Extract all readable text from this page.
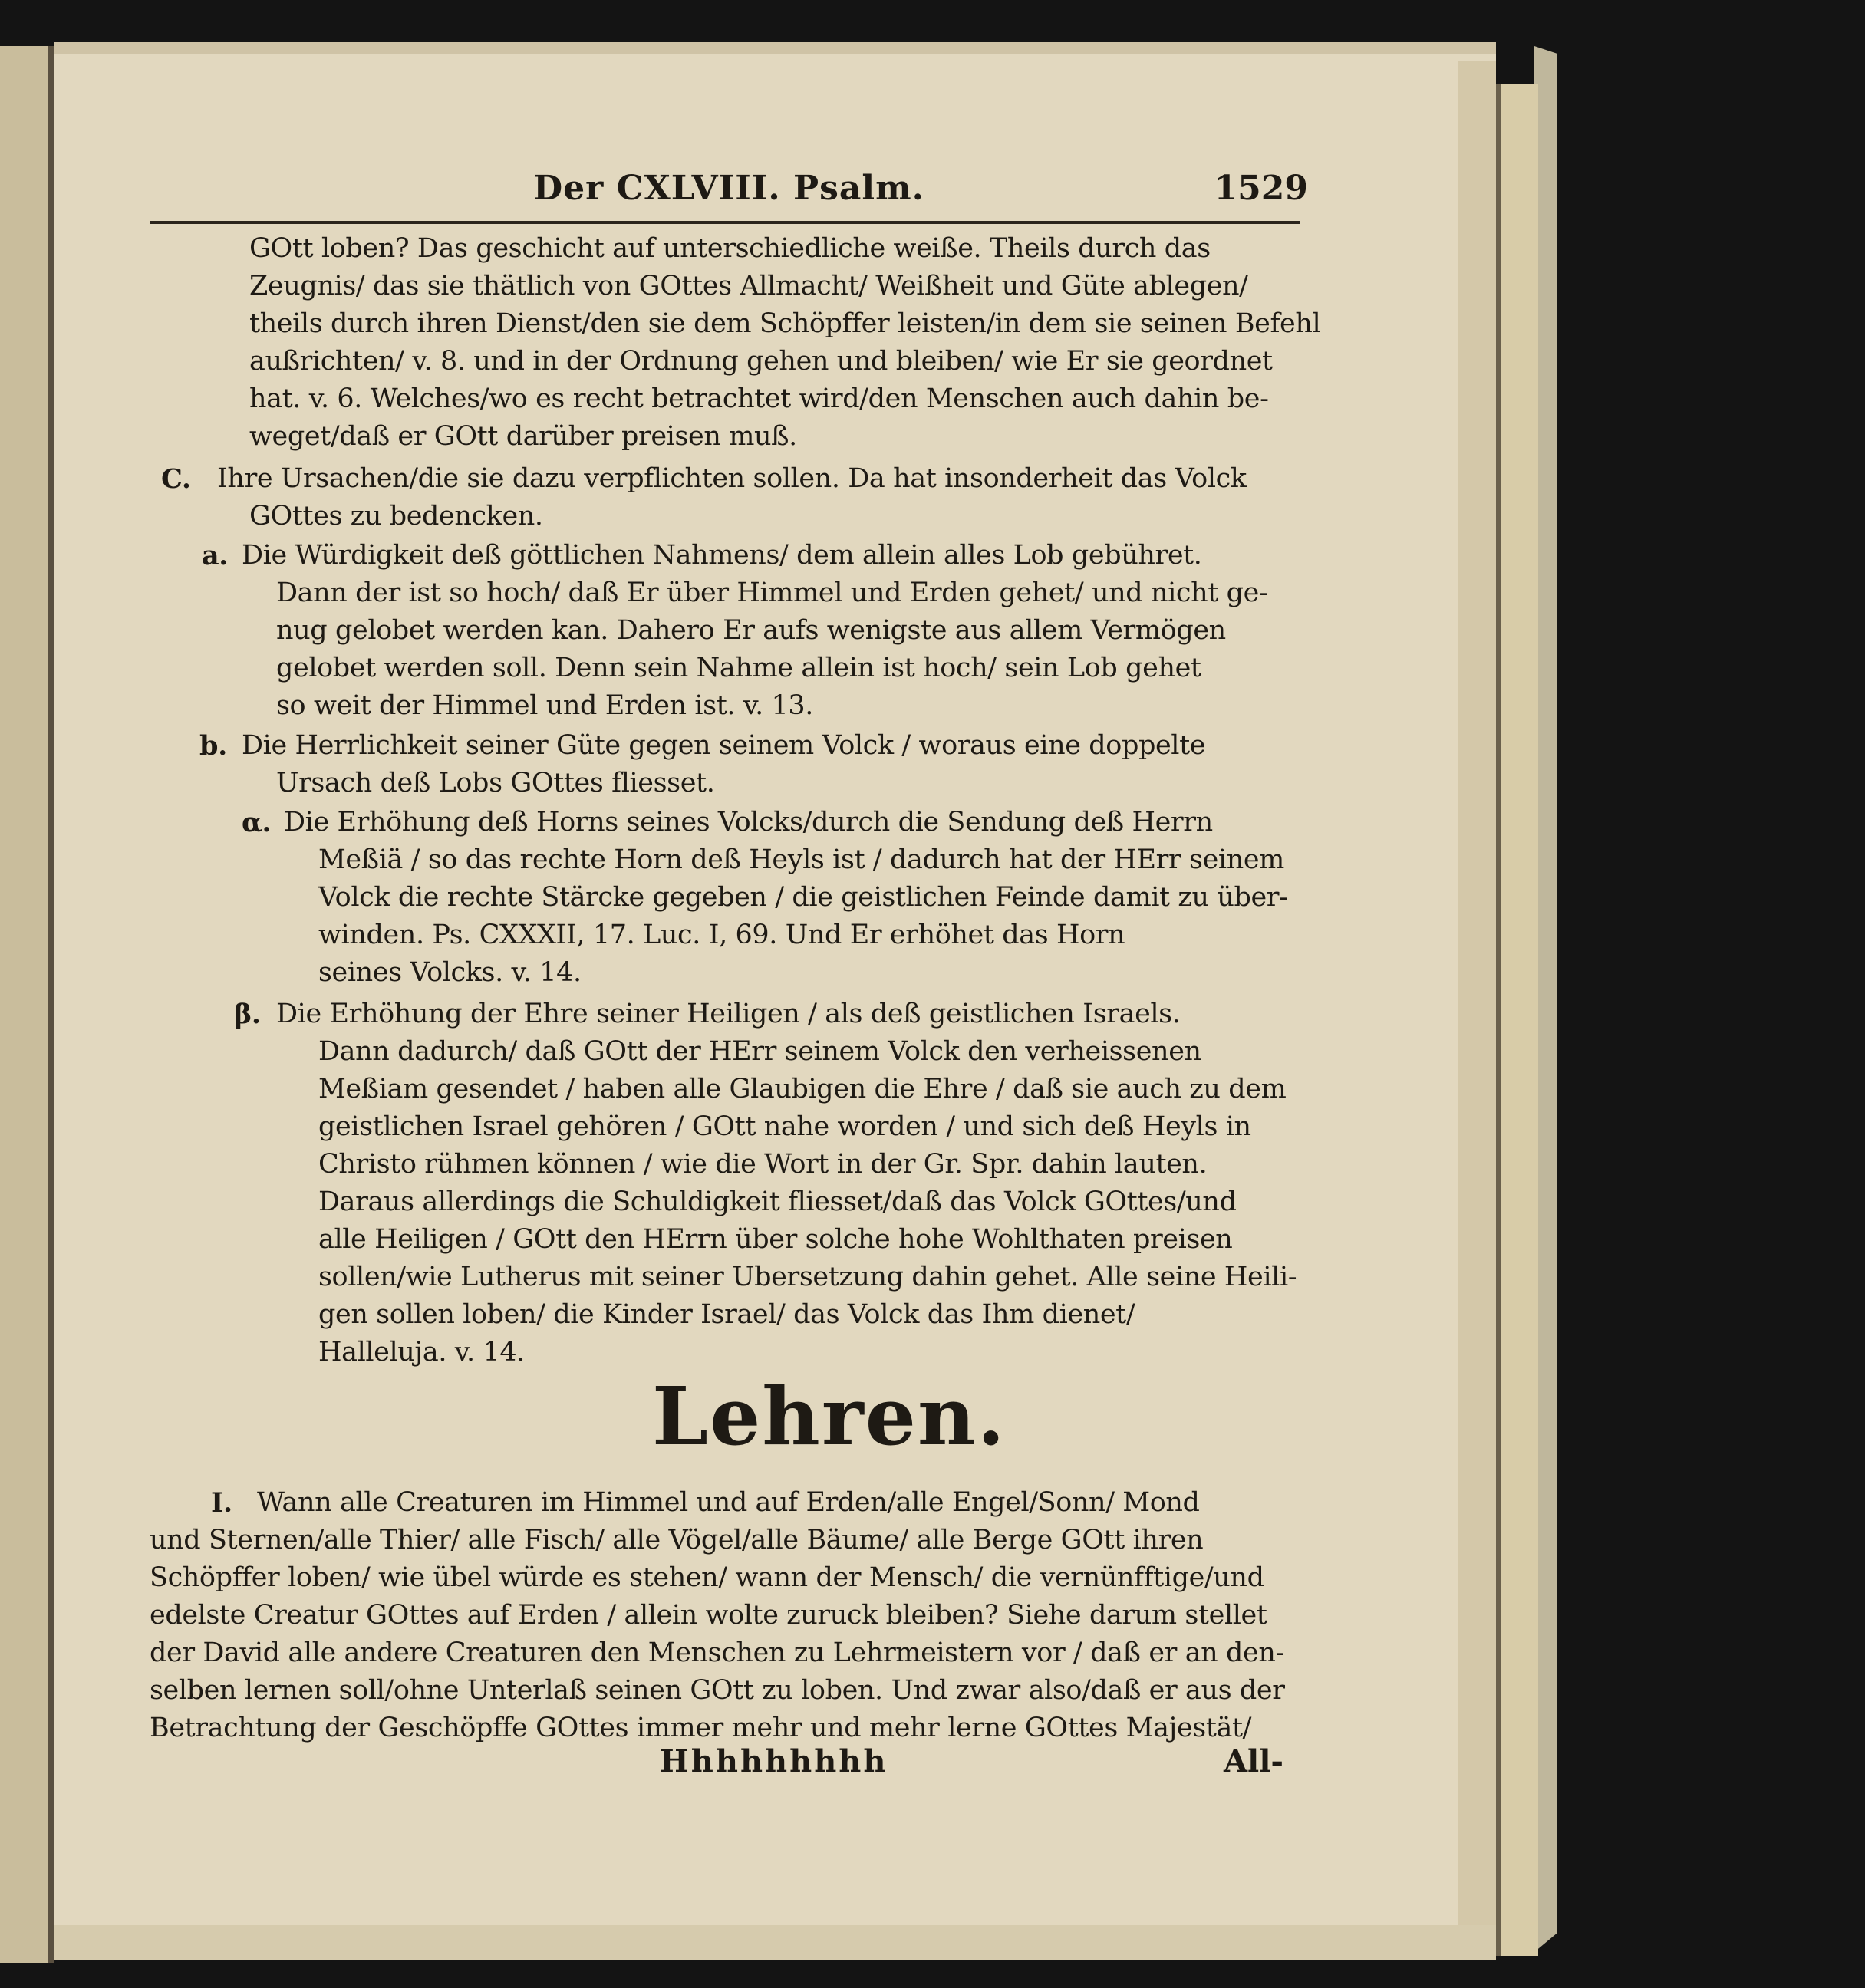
Der CXLVIII. Psalm.	1529
GOtt loben? Das geschicht auf unterschiedliche weiße. Theils durch das
Zeugnis/ das sie thätlich von GOttes Allmacht/ Weißheit und Güte ablegen/
theils durch ihren Dienst/den sie dem Schöpffer leisten/in dem sie seinen Befehl
außrichten/ v. 8. und in der Ordnung gehen und bleiben/ wie Er sie geordnet
hat. v. 6. Welches/wo es recht betrachtet wird/den Menschen auch dahin be-
weget/daß er GOtt darüber preisen muß.
C. Ihre Ursachen/die sie dazu verpflichten sollen. Da hat insonderheit das Volck
GOttes zu bedencken.
a. Die Würdigkeit deß göttlichen Nahmens/ dem allein alles Lob gebühret.
Dann der ist so hoch/ daß Er über Himmel und Erden gehet/ und nicht ge-
nug gelobet werden kan. Dahero Er aufs wenigste aus allem Vermögen
gelobet werden soll. Denn sein Nahme allein ist hoch/ sein Lob gehet
so weit der Himmel und Erden ist. v. 13.
b. Die Herrlichkeit seiner Güte gegen seinem Volck / woraus eine doppelte
Ursach deß Lobs GOttes fliesset.
α. Die Erhöhung deß Horns seines Volcks/durch die Sendung deß Herrn
Meßiä / so das rechte Horn deß Heyls ist / dadurch hat der HErr seinem
Volck die rechte Stärcke gegeben / die geistlichen Feinde damit zu über-
winden. Ps. CXXXII, 17. Luc. I, 69. Und Er erhöhet das Horn
seines Volcks. v. 14.
β. Die Erhöhung der Ehre seiner Heiligen / als deß geistlichen Israels.
Dann dadurch/ daß GOtt der HErr seinem Volck den verheissenen
Meßiam gesendet / haben alle Glaubigen die Ehre / daß sie auch zu dem
geistlichen Israel gehören / GOtt nahe worden / und sich deß Heyls in
Christo rühmen können / wie die Wort in der Gr. Spr. dahin lauten.
Daraus allerdings die Schuldigkeit fliesset/daß das Volck GOttes/und
alle Heiligen / GOtt den HErrn über solche hohe Wohlthaten preisen
sollen/wie Lutherus mit seiner Ubersetzung dahin gehet. Alle seine Heili-
gen sollen loben/ die Kinder Israel/ das Volck das Ihm dienet/
Halleluja. v. 14.
Lehren.
I. Wann alle Creaturen im Himmel und auf Erden/alle Engel/Sonn/ Mond
und Sternen/alle Thier/ alle Fisch/ alle Vögel/alle Bäume/ alle Berge GOtt ihren
Schöpffer loben/ wie übel würde es stehen/ wann der Mensch/ die vernünfftige/und
edelste Creatur GOttes auf Erden / allein wolte zuruck bleiben? Siehe darum stellet
der David alle andere Creaturen den Menschen zu Lehrmeistern vor / daß er an den-
selben lernen soll/ohne Unterlaß seinen GOtt zu loben. Und zwar also/daß er aus der
Betrachtung der Geschöpffe GOttes immer mehr und mehr lerne GOttes Majestät/
Hhhhhhhhh	All-
